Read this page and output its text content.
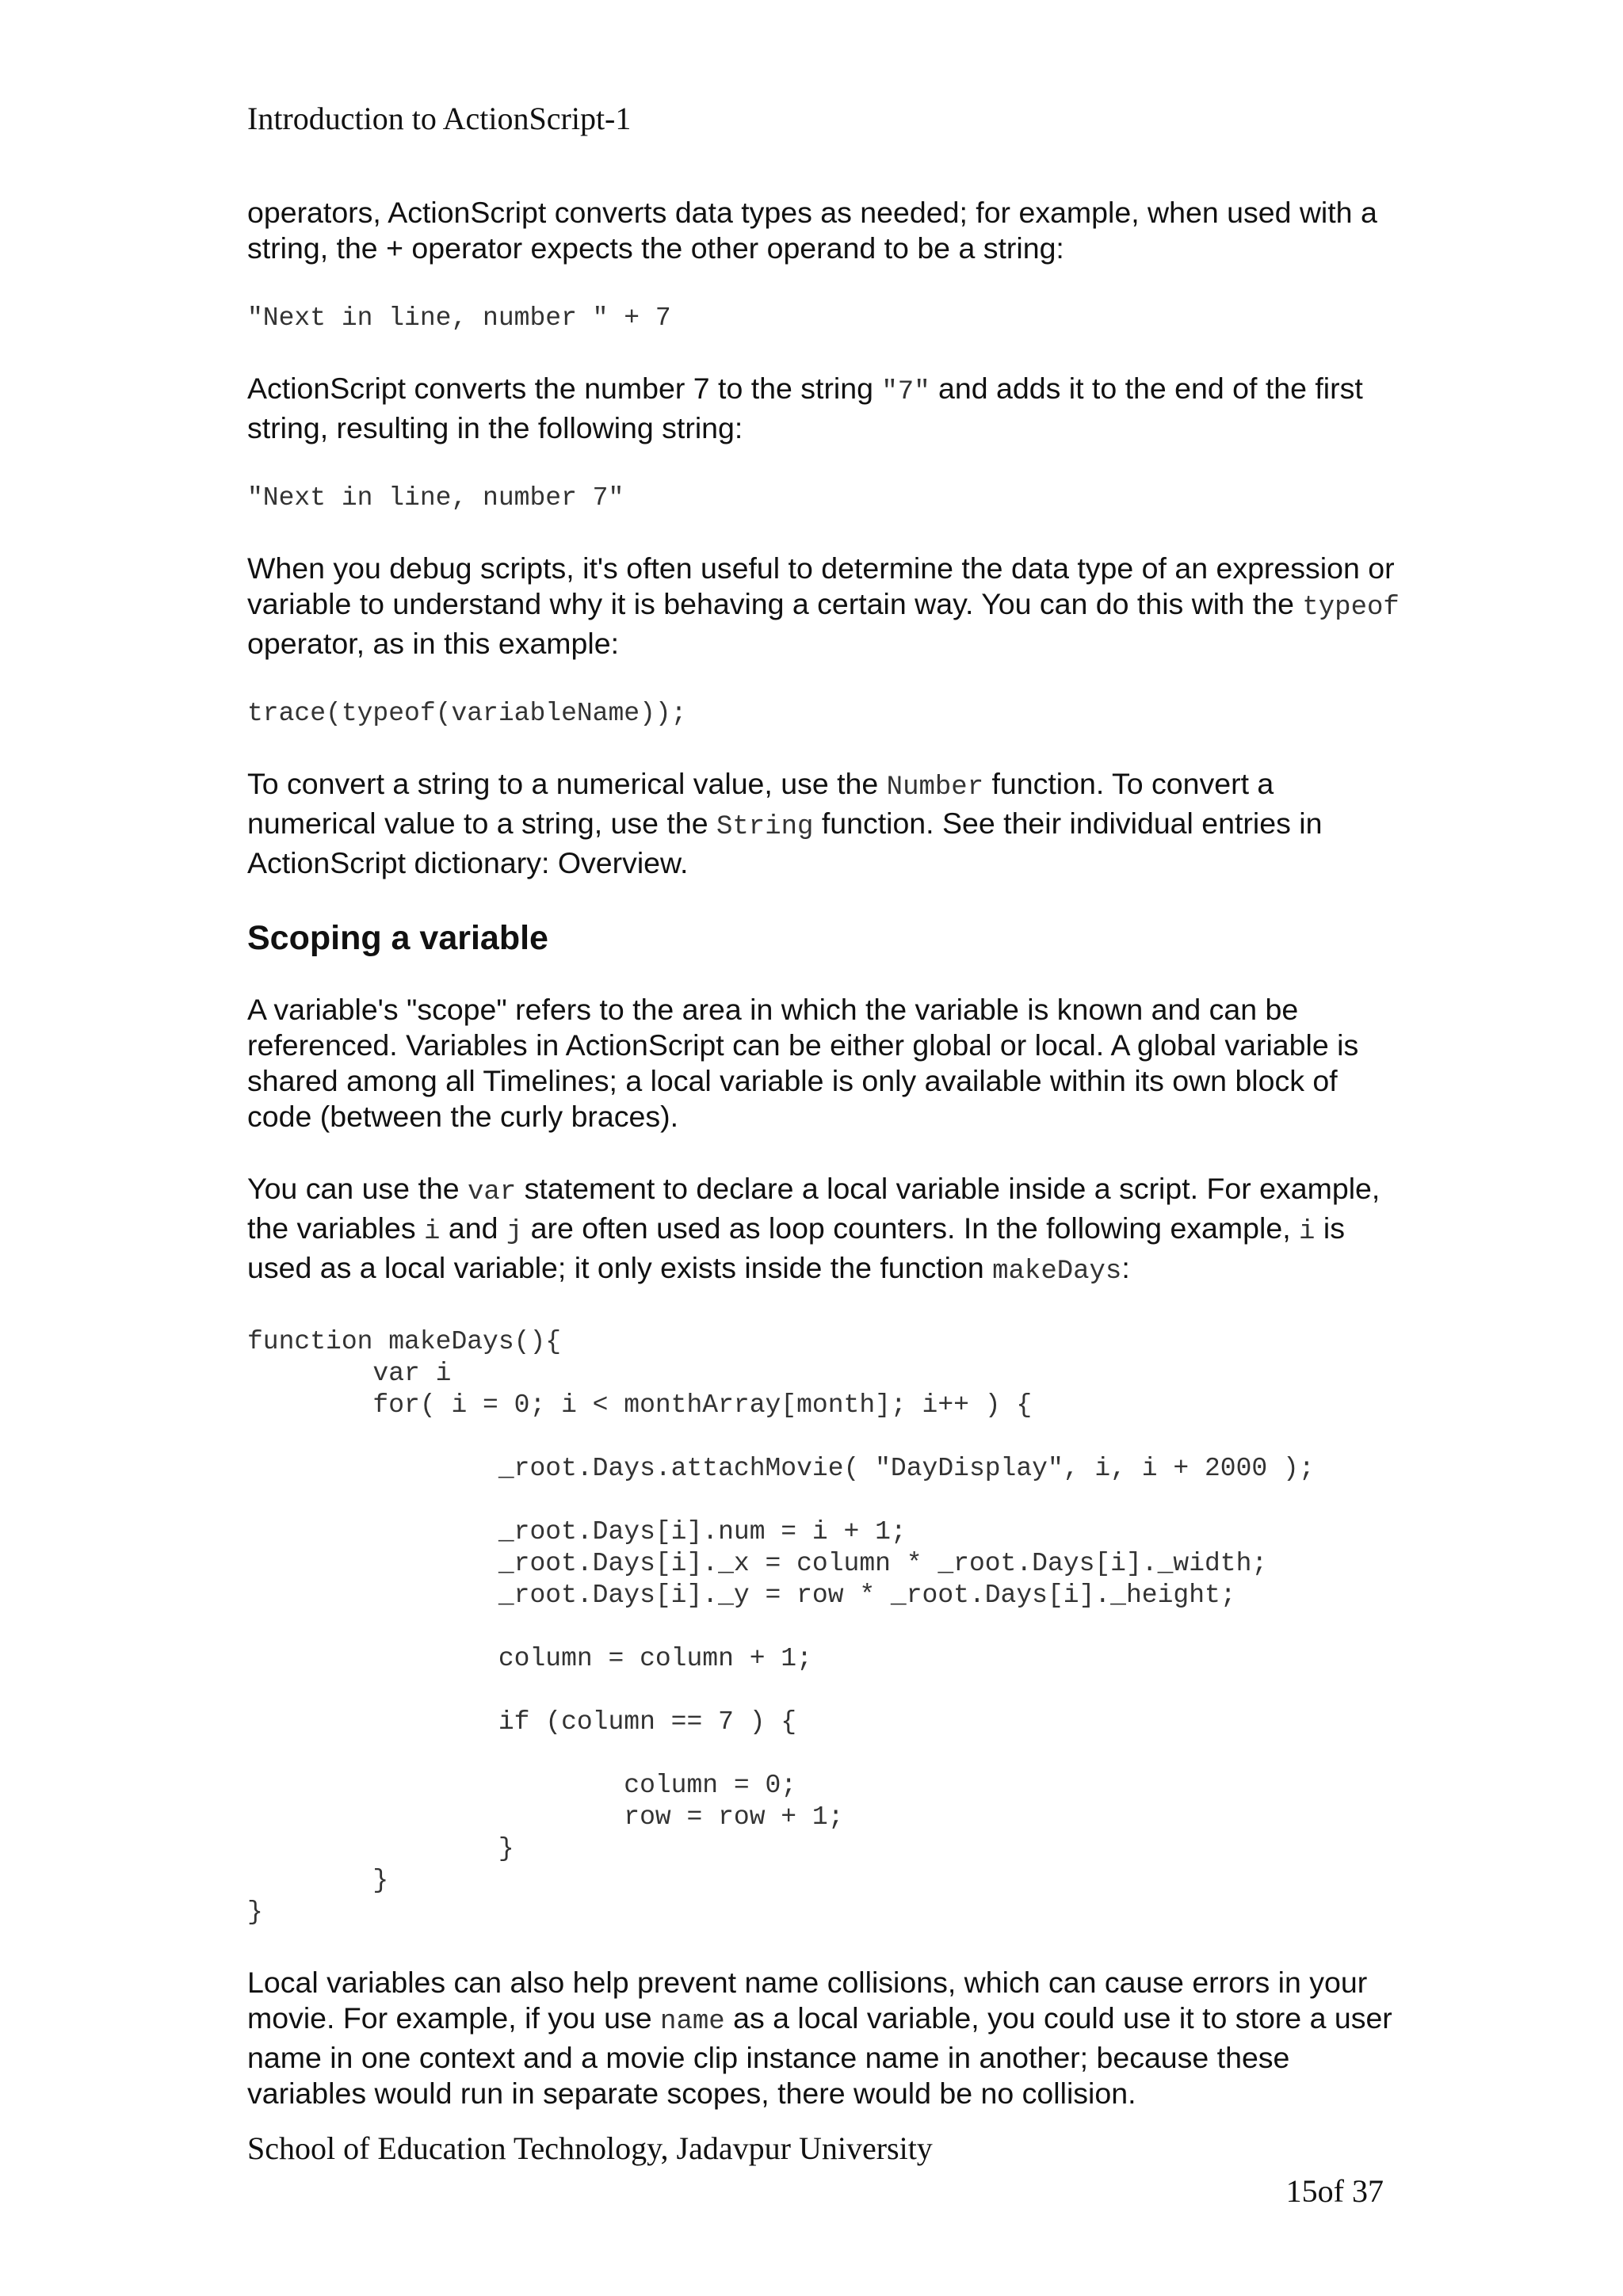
Introduction to ActionScript-1

operators, ActionScript converts data types as needed; for example, when used with a string, the + operator expects the other operand to be a string:

"Next in line, number " + 7

ActionScript converts the number 7 to the string "7" and adds it to the end of the first string, resulting in the following string:

"Next in line, number 7"

When you debug scripts, it's often useful to determine the data type of an expression or variable to understand why it is behaving a certain way. You can do this with the typeof operator, as in this example:

trace(typeof(variableName));

To convert a string to a numerical value, use the Number function. To convert a numerical value to a string, use the String function. See their individual entries in ActionScript dictionary: Overview.

Scoping a variable

A variable's "scope" refers to the area in which the variable is known and can be referenced. Variables in ActionScript can be either global or local. A global variable is shared among all Timelines; a local variable is only available within its own block of code (between the curly braces).

You can use the var statement to declare a local variable inside a script. For example, the variables i and j are often used as loop counters. In the following example, i is used as a local variable; it only exists inside the function makeDays:

function makeDays(){
var i
for( i = 0; i < monthArray[month]; i++ ) {

_root.Days.attachMovie( "DayDisplay", i, i + 2000 );

_root.Days[i].num = i + 1;
_root.Days[i]._x = column * _root.Days[i]._width;
_root.Days[i]._y = row * _root.Days[i]._height;

column = column + 1;

if (column == 7 ) {

column = 0;
row = row + 1;
}
}
}

Local variables can also help prevent name collisions, which can cause errors in your movie. For example, if you use name as a local variable, you could use it to store a user name in one context and a movie clip instance name in another; because these variables would run in separate scopes, there would be no collision.

School of Education Technology, Jadavpur University
15of 37
